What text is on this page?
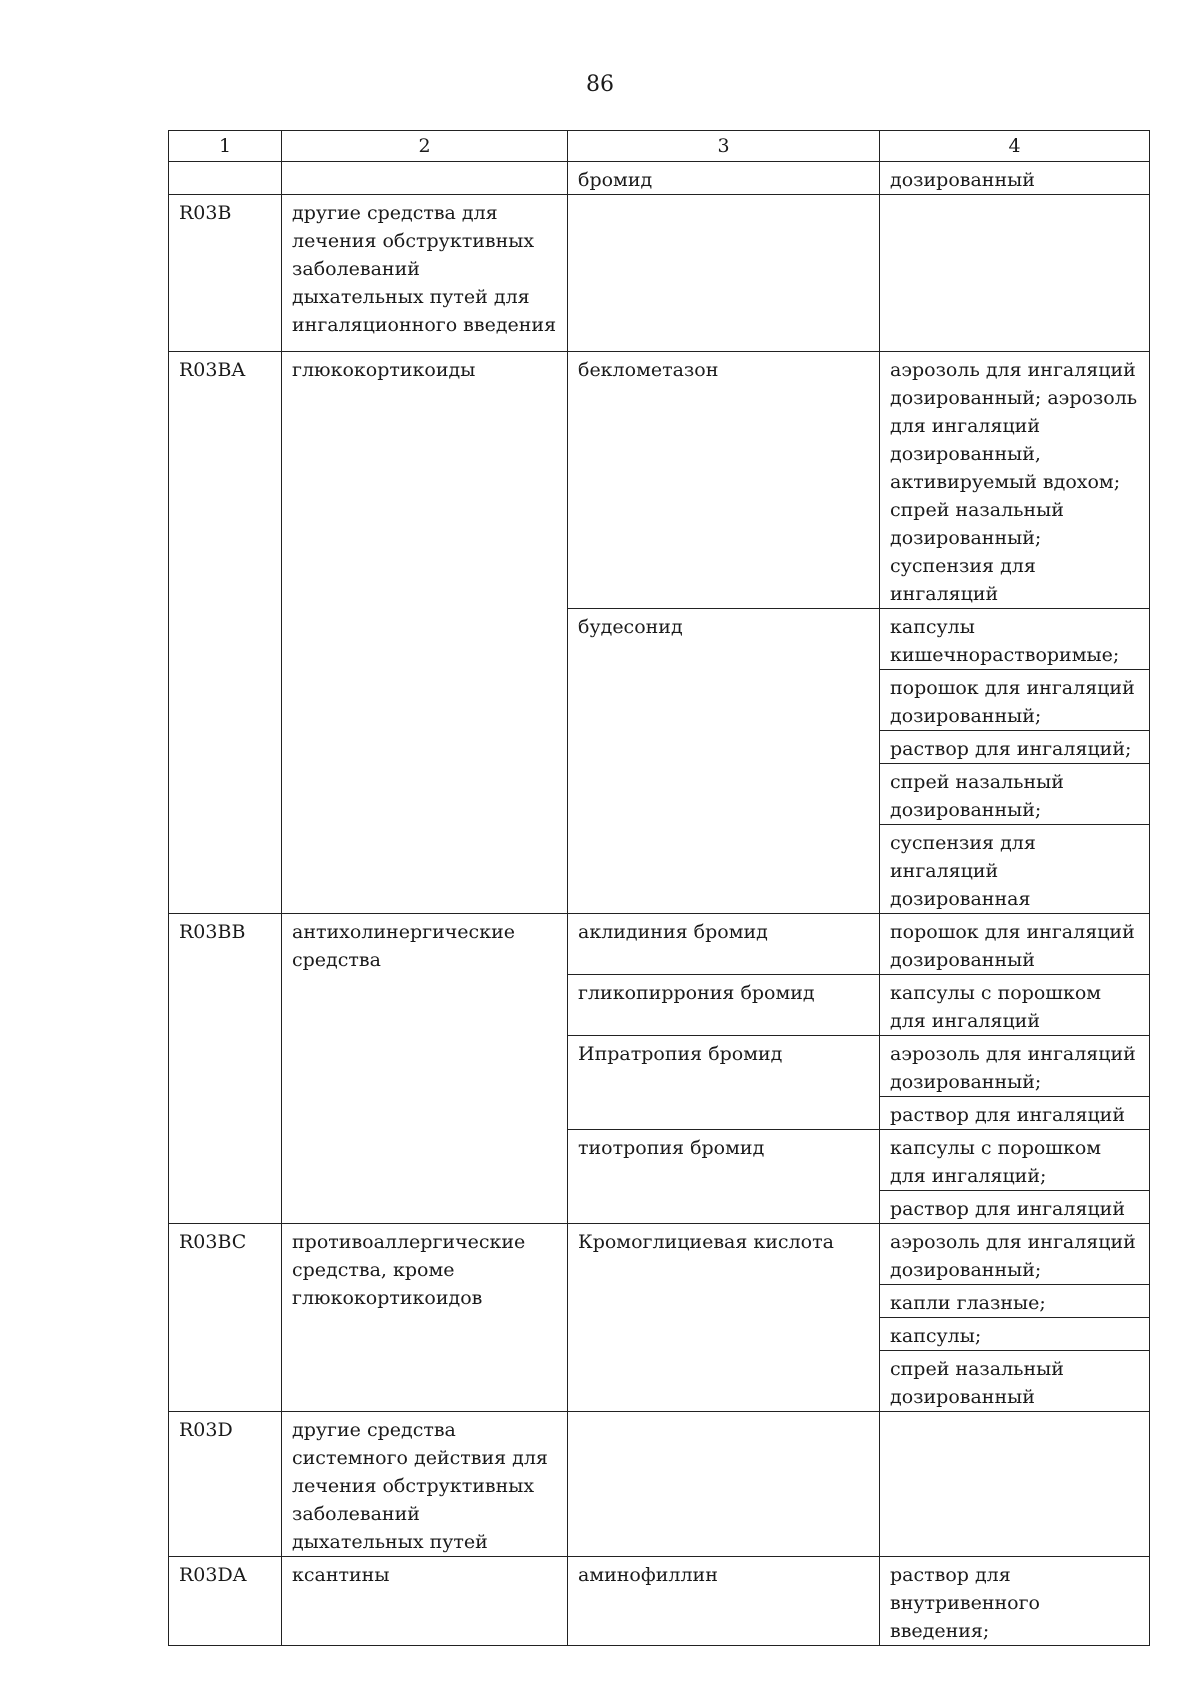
86
1	2	3	4
		бромид	дозированный

R03B	другие средства для лечения обструктивных заболеваний дыхательных путей для ингаляционного введения		
R03BA	глюкокортикоиды	беклометазон	аэрозоль для ингаляций дозированный; аэрозоль для ингаляций дозированный, активируемый вдохом; спрей назальный дозированный; суспензия для ингаляций

		будесонид	капсулы кишечнорастворимые;
порошок для ингаляций дозированный;
раствор для ингаляций;
спрей назальный дозированный;
суспензия для ингаляций дозированная

R03BB	антихолинергические средства	аклидиния бромид	порошок для ингаляций дозированный

		гликопиррония бромид	капсулы с порошком для ингаляций

		Ипратропия бромид	аэрозоль для ингаляций дозированный;
раствор для ингаляций

		тиотропия бромид	капсулы с порошком для ингаляций;
раствор для ингаляций

R03BC	противоаллергические средства, кроме глюкокортикоидов	Кромоглициевая кислота	аэрозоль для ингаляций дозированный;
капли глазные;
капсулы;
спрей назальный дозированный

R03D	другие средства системного действия для лечения обструктивных заболеваний дыхательных путей		
R03DA	ксантины	аминофиллин	раствор для внутривенного введения;
